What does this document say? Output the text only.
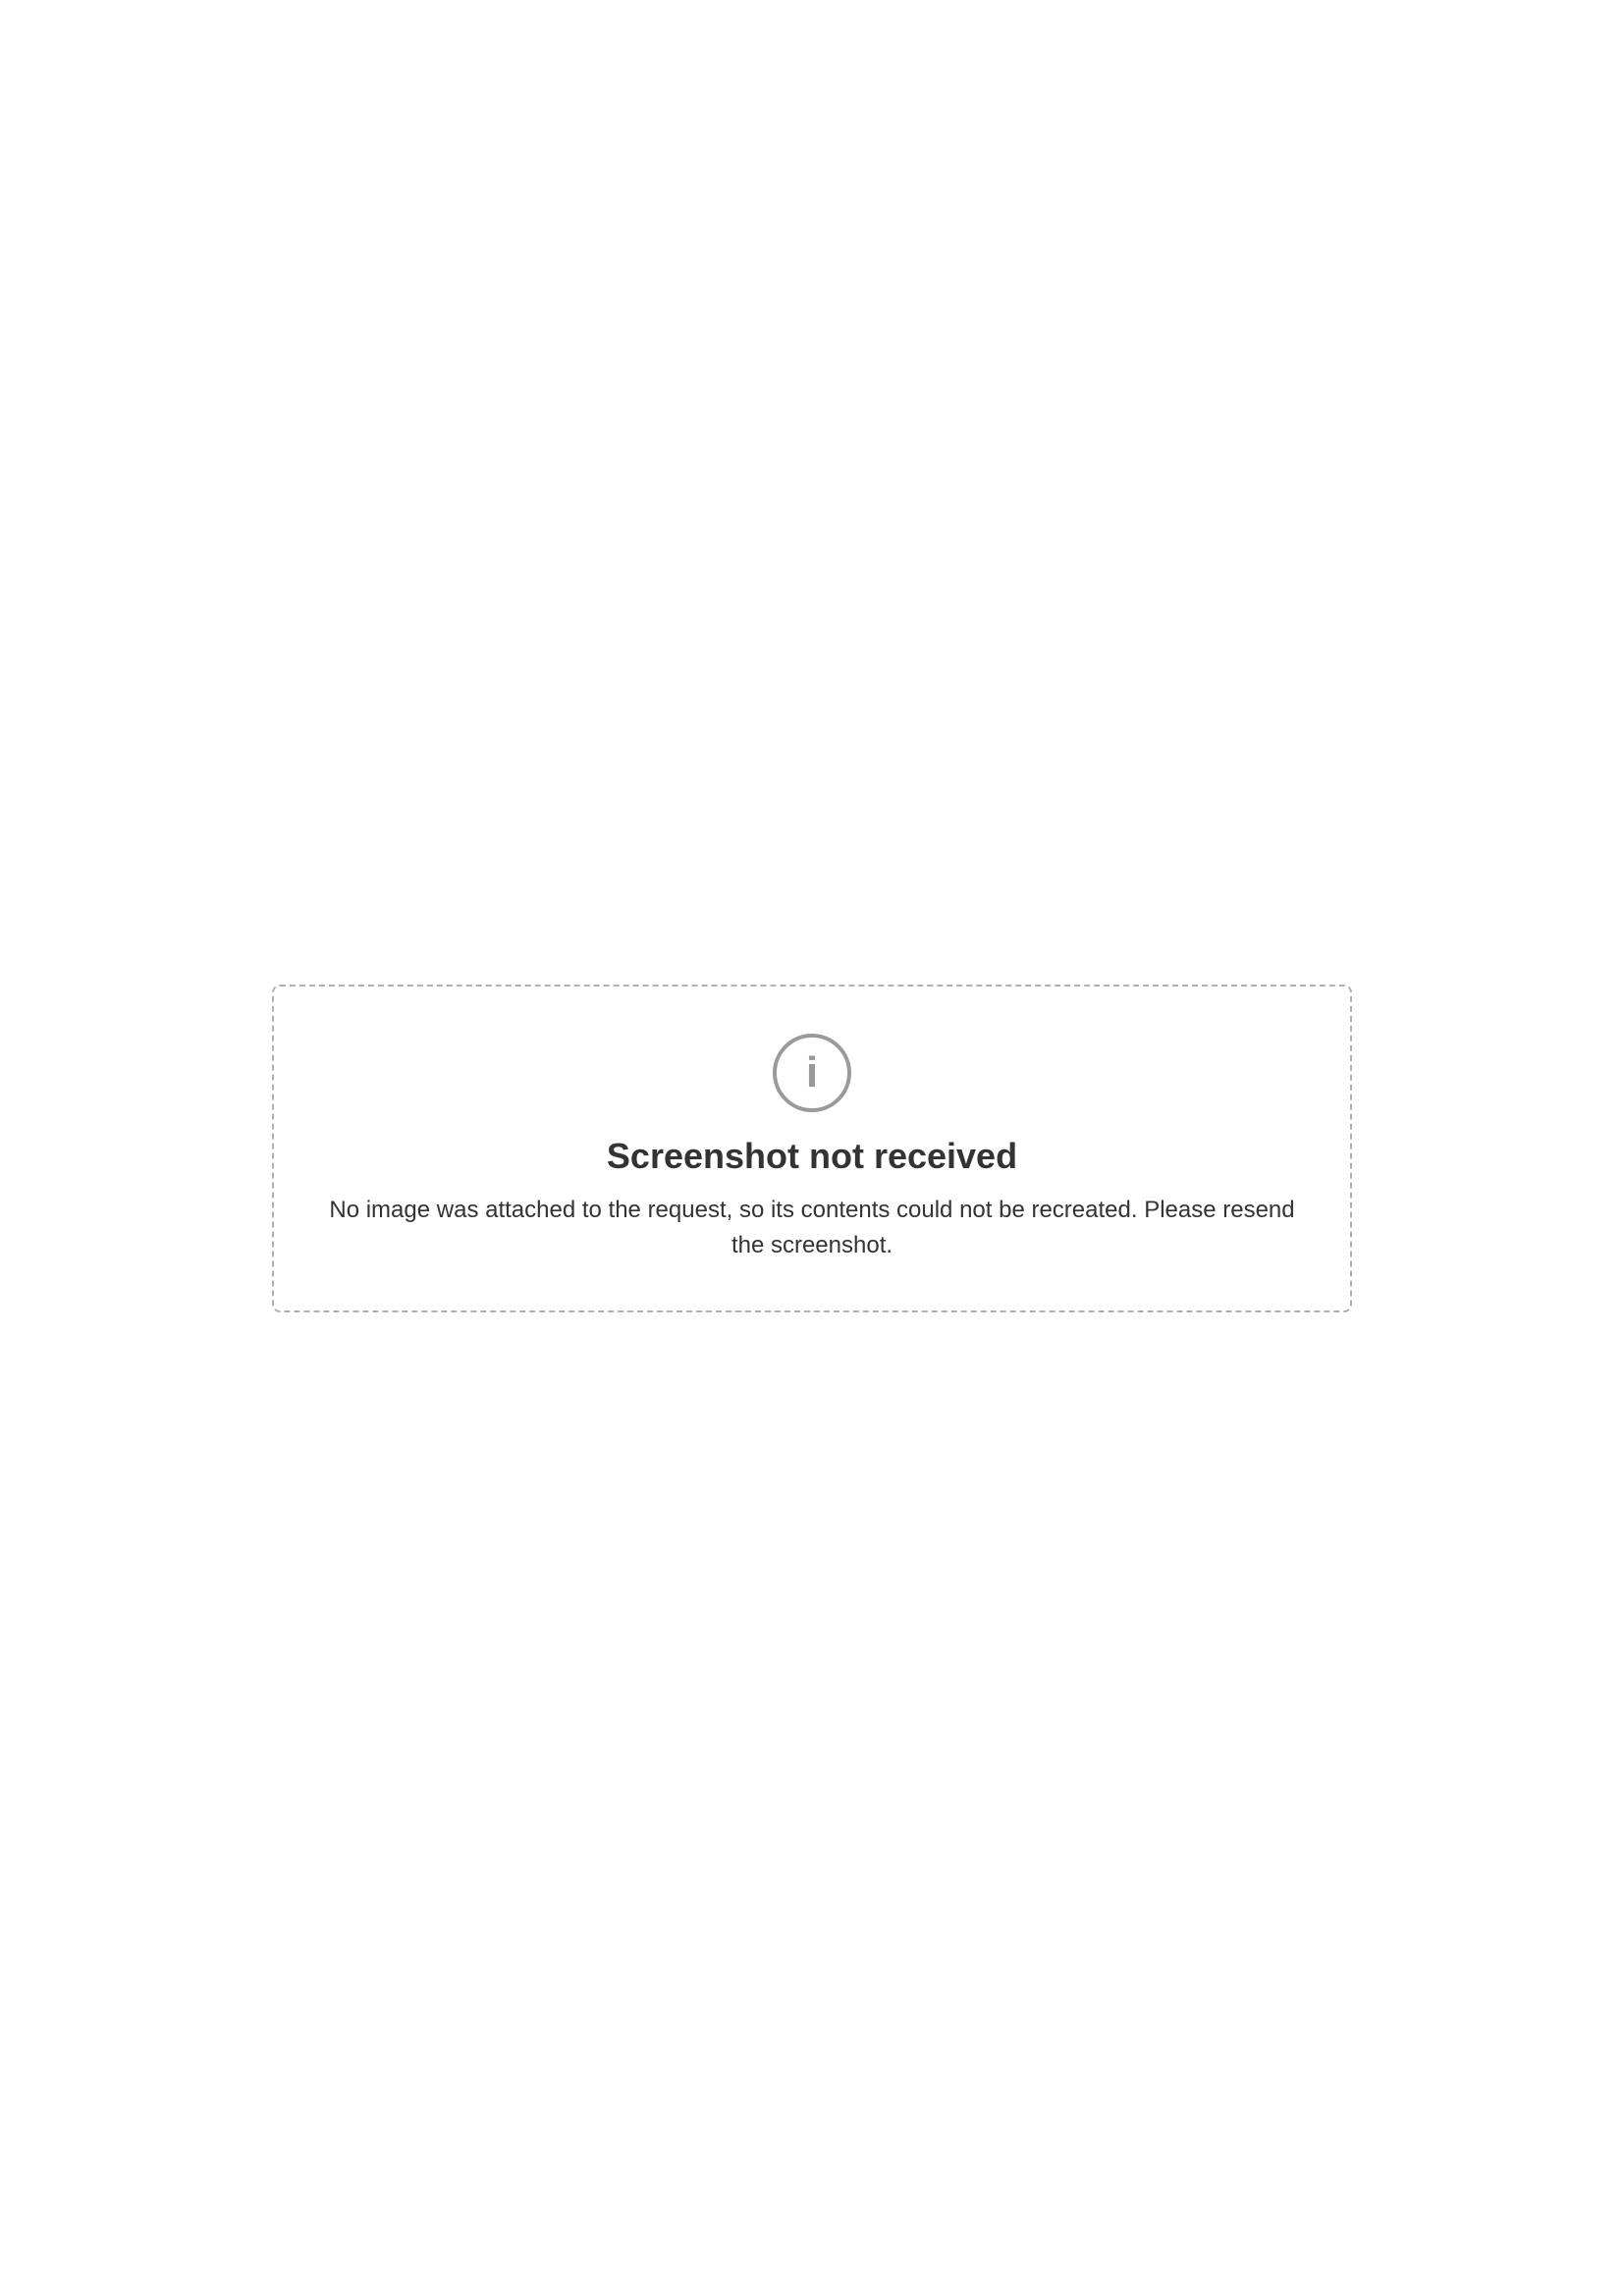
i

Screenshot not received

No image was attached to the request, so its contents could not be recreated. Please resend the screenshot.
